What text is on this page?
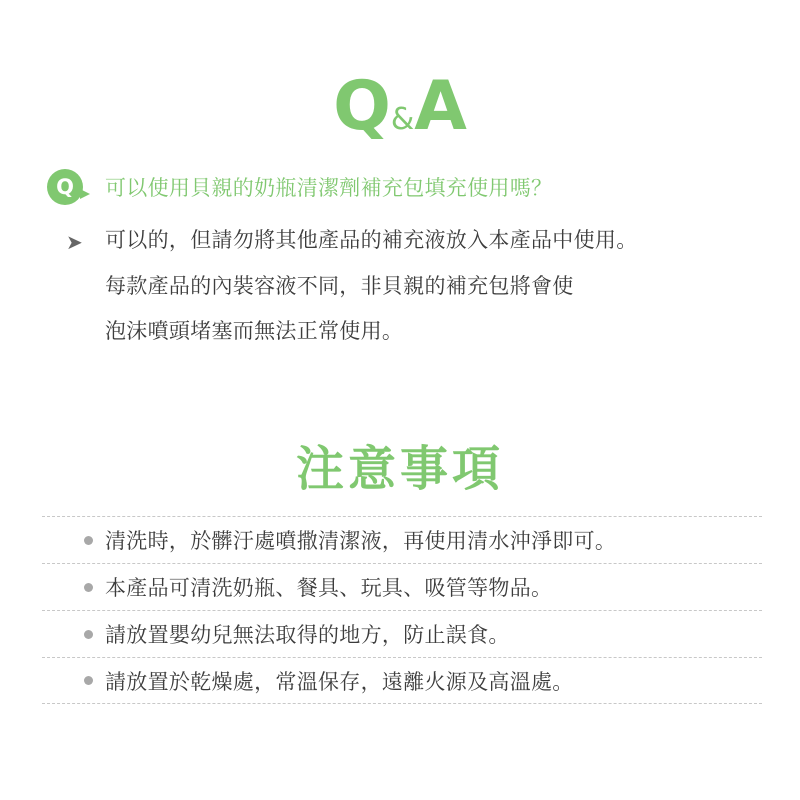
Q&A
Q 可以使用貝親的奶瓶清潔劑補充包填充使用嗎？
➤ 可以的，但請勿將其他產品的補充液放入本產品中使用。
每款產品的內裝容液不同，非貝親的補充包將會使
泡沫噴頭堵塞而無法正常使用。
注意事項
清洗時，於髒汙處噴撒清潔液，再使用清水沖淨即可。
本產品可清洗奶瓶、餐具、玩具、吸管等物品。
請放置嬰幼兒無法取得的地方，防止誤食。
請放置於乾燥處，常溫保存，遠離火源及高溫處。
